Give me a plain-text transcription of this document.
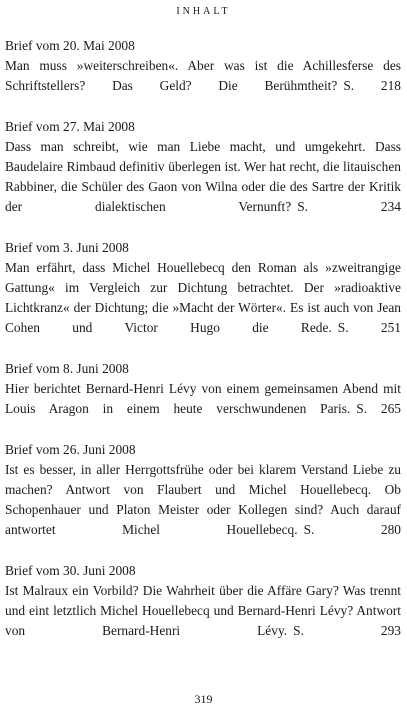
INHALT
Brief vom 20. Mai 2008
Man muss »weiterschreiben«. Aber was ist die Achillesferse des Schriftstellers? Das Geld? Die Berühmtheit? S. 218
Brief vom 27. Mai 2008
Dass man schreibt, wie man Liebe macht, und umgekehrt. Dass Baudelaire Rimbaud definitiv überlegen ist. Wer hat recht, die litauischen Rabbiner, die Schüler des Gaon von Wilna oder die des Sartre der Kritik der dialektischen Vernunft? S. 234
Brief vom 3. Juni 2008
Man erfährt, dass Michel Houellebecq den Roman als »zweitrangige Gattung« im Vergleich zur Dichtung betrachtet. Der »radioaktive Lichtkranz« der Dichtung; die »Macht der Wörter«. Es ist auch von Jean Cohen und Victor Hugo die Rede. S. 251
Brief vom 8. Juni 2008
Hier berichtet Bernard-Henri Lévy von einem gemeinsamen Abend mit Louis Aragon in einem heute verschwundenen Paris. S. 265
Brief vom 26. Juni 2008
Ist es besser, in aller Herrgottsfrühe oder bei klarem Verstand Liebe zu machen? Antwort von Flaubert und Michel Houellebecq. Ob Schopenhauer und Platon Meister oder Kollegen sind? Auch darauf antwortet Michel Houellebecq. S. 280
Brief vom 30. Juni 2008
Ist Malraux ein Vorbild? Die Wahrheit über die Affäre Gary? Was trennt und eint letztlich Michel Houellebecq und Bernard-Henri Lévy? Antwort von Bernard-Henri Lévy. S. 293
319
